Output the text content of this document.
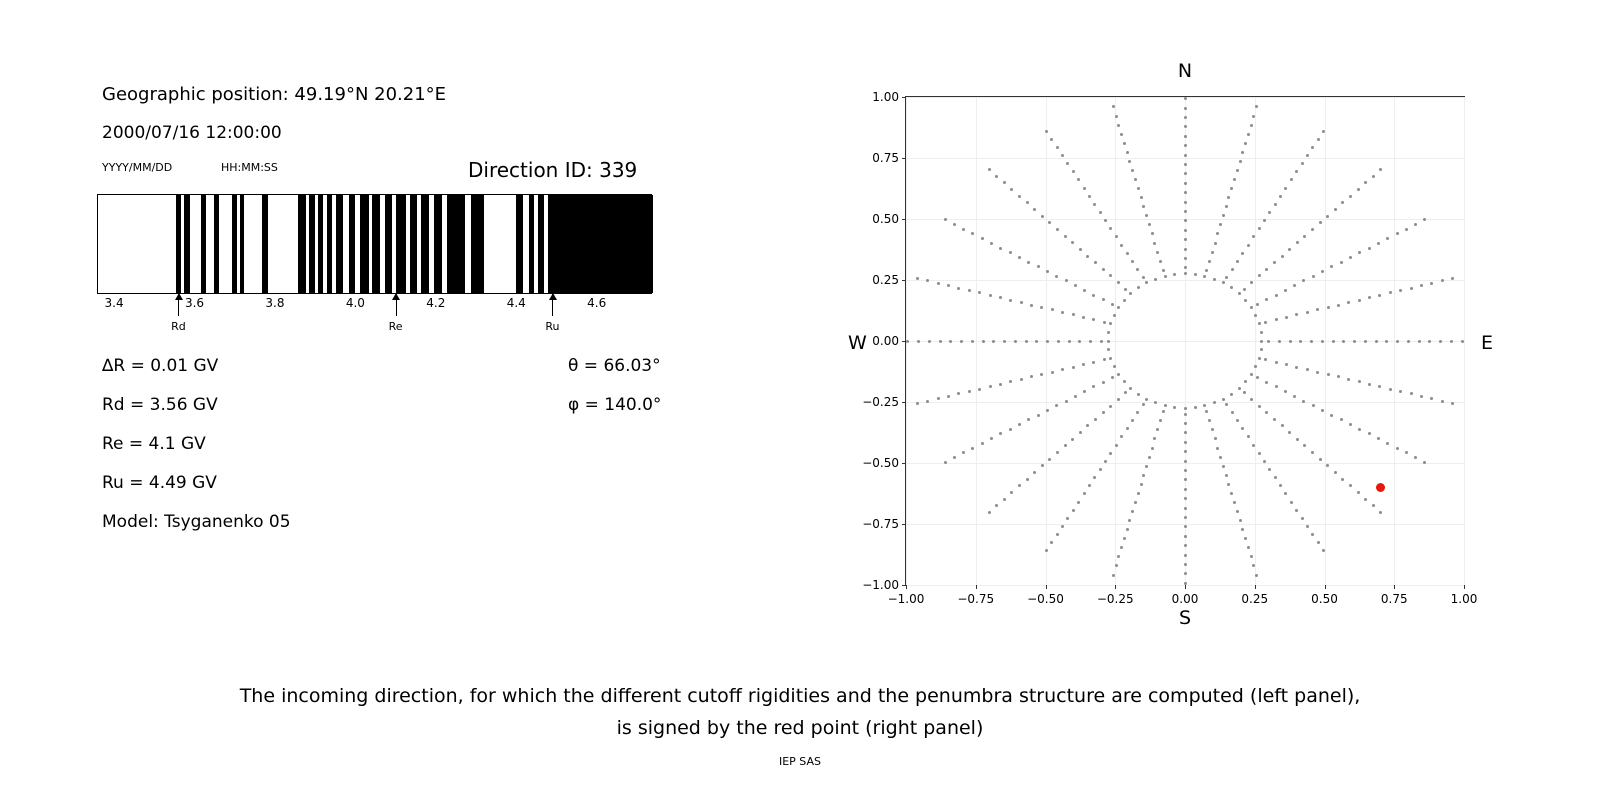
Geographic position: 49.19°N 20.21°E
2000/07/16 12:00:00
YYYY/MM/DD	HH:MM:SS	Direction ID: 339
3.4	3.6	3.8	4.0	4.2	4.4	4.6
Rd	Re	Ru
∆R = 0.01 GV
Rd = 3.56 GV
Re = 4.1 GV
Ru = 4.49 GV
Model: Tsyganenko 05
θ = 66.03°
φ = 140.0°
N
S
W	E
−1.00
−0.75
−0.50
−0.25
0.00
0.25
0.50
0.75
1.00
−1.00	−0.75	−0.50	−0.25	0.00	0.25	0.50	0.75	1.00
The incoming direction, for which the different cutoff rigidities and the penumbra structure are computed (left panel),
is signed by the red point (right panel)
IEP SAS
